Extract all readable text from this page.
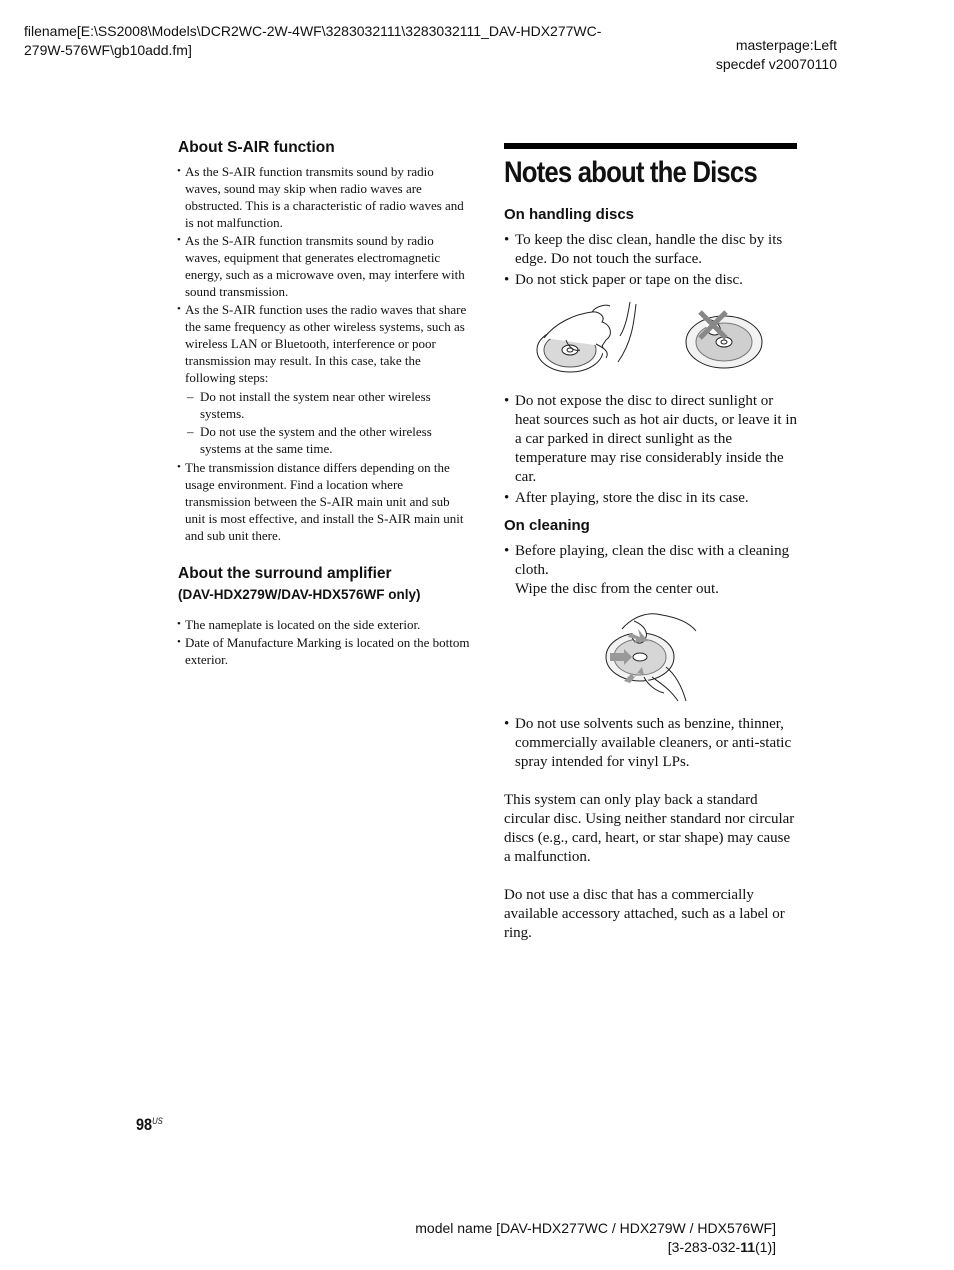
filename[E:\SS2008\Models\DCR2WC-2W-4WF\3283032111\3283032111_DAV-HDX277WC-
279W-576WF\gb10add.fm]	masterpage:Left
specdef v20070110
About S-AIR function
• As the S-AIR function transmits sound by radio waves, sound may skip when radio waves are obstructed. This is a characteristic of radio waves and is not malfunction.
• As the S-AIR function transmits sound by radio waves, equipment that generates electromagnetic energy, such as a microwave oven, may interfere with sound transmission.
• As the S-AIR function uses the radio waves that share the same frequency as other wireless systems, such as wireless LAN or Bluetooth, interference or poor transmission may result. In this case, take the following steps:
– Do not install the system near other wireless systems.
– Do not use the system and the other wireless systems at the same time.
• The transmission distance differs depending on the usage environment. Find a location where transmission between the S-AIR main unit and sub unit is most effective, and install the S-AIR main unit and sub unit there.
About the surround amplifier
(DAV-HDX279W/DAV-HDX576WF only)
• The nameplate is located on the side exterior.
• Date of Manufacture Marking is located on the bottom exterior.
Notes about the Discs
On handling discs
• To keep the disc clean, handle the disc by its edge. Do not touch the surface.
• Do not stick paper or tape on the disc.
• Do not expose the disc to direct sunlight or heat sources such as hot air ducts, or leave it in a car parked in direct sunlight as the temperature may rise considerably inside the car.
• After playing, store the disc in its case.
On cleaning
• Before playing, clean the disc with a cleaning cloth.
Wipe the disc from the center out.
• Do not use solvents such as benzine, thinner, commercially available cleaners, or anti-static spray intended for vinyl LPs.

This system can only play back a standard circular disc. Using neither standard nor circular discs (e.g., card, heart, or star shape) may cause a malfunction.

Do not use a disc that has a commercially available accessory attached, such as a label or ring.

$98^{US}$
model name [DAV-HDX277WC / HDX279W / HDX576WF]
[3-283-032-11(1)]
